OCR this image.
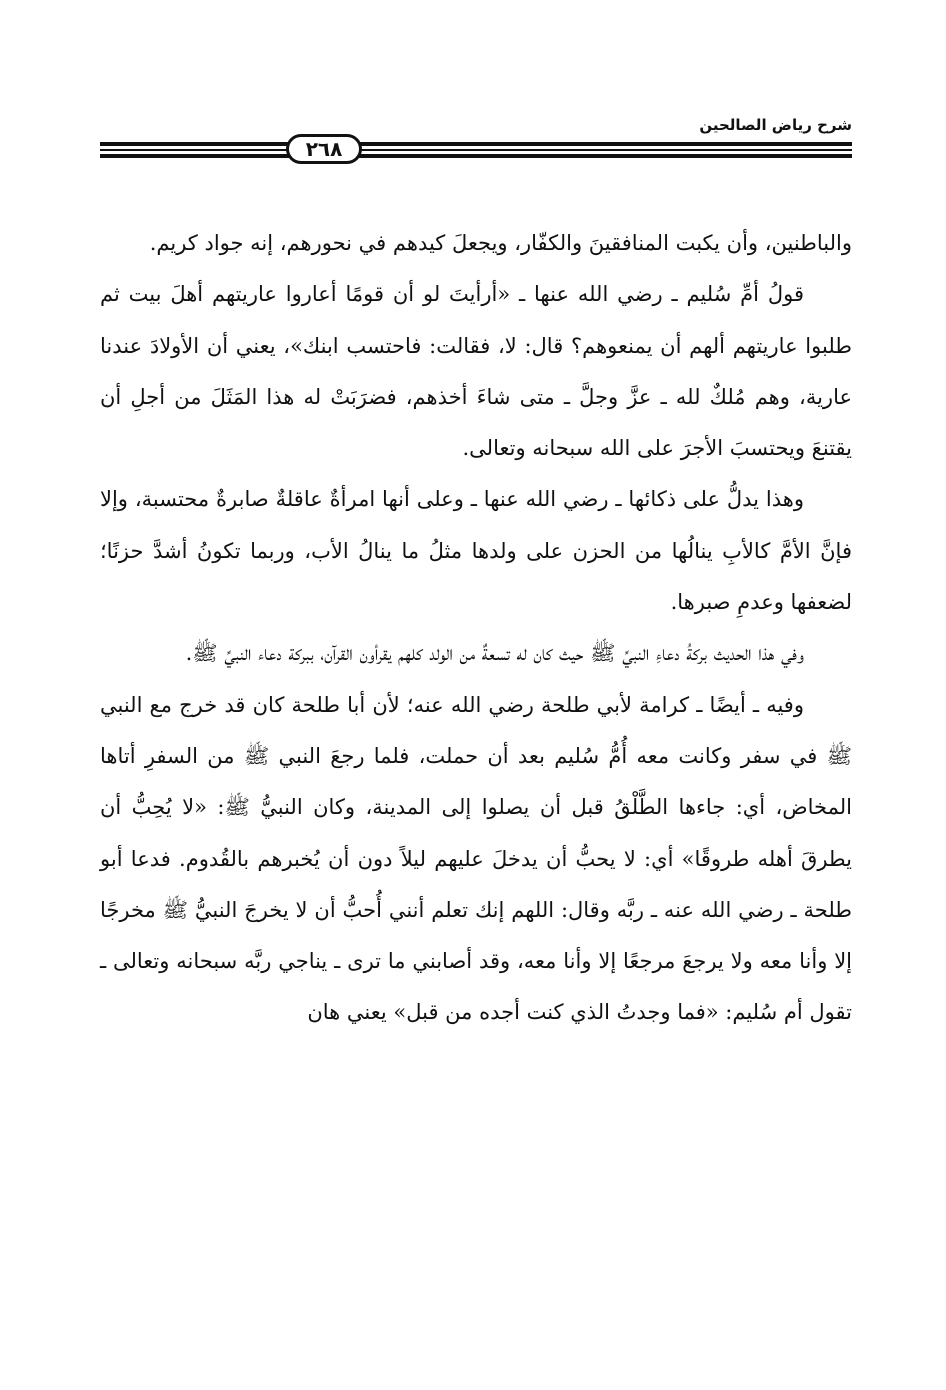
شرح رياض الصالحين
٢٦٨

والباطنين، وأن يكبت المنافقينَ والكفّار، ويجعلَ كيدهم في نحورهم، إنه جواد كريم.

قولُ أمِّ سُليم ـ رضي الله عنها ـ «أرأيتَ لو أن قومًا أعاروا عاريتهم أهلَ بيت ثم طلبوا عاريتهم ألهم أن يمنعوهم؟ قال: لا، فقالت: فاحتسب ابنك»، يعني أن الأولادَ عندنا عارية، وهم مُلكٌ لله ـ عزَّ وجلَّ ـ متى شاءَ أخذهم، فضرَبَتْ له هذا المَثَلَ من أجلِ أن يقتنعَ ويحتسبَ الأجرَ على الله سبحانه وتعالى.

وهذا يدلُّ على ذكائها ـ رضي الله عنها ـ وعلى أنها امرأةٌ عاقلةٌ صابرةٌ محتسبة، وإلا فإنَّ الأمَّ كالأبِ ينالُها من الحزن على ولدها مثلُ ما ينالُ الأب، وربما تكونُ أشدَّ حزنًا؛ لضعفها وعدمِ صبرها.

وفي هذا الحديث بركةُ دعاءِ النبيِّ ﷺ حيث كان له تسعةٌ من الولد كلهم يقرأون القرآن، ببركة دعاء النبيِّ ﷺ.

وفيه ـ أيضًا ـ كرامة لأبي طلحة رضي الله عنه؛ لأن أبا طلحة كان قد خرج مع النبي ﷺ في سفر وكانت معه أُمُّ سُليم بعد أن حملت، فلما رجعَ النبي ﷺ من السفرِ أتاها المخاض، أي: جاءها الطَّلْقُ قبل أن يصلوا إلى المدينة، وكان النبيُّ ﷺ: «لا يُحِبُّ أن يطرقَ أهله طروقًا» أي: لا يحبُّ أن يدخلَ عليهم ليلاً دون أن يُخبرهم بالقُدوم. فدعا أبو طلحة ـ رضي الله عنه ـ ربَّه وقال: اللهم إنك تعلم أنني أُحبُّ أن لا يخرجَ النبيُّ ﷺ مخرجًا إلا وأنا معه ولا يرجعَ مرجعًا إلا وأنا معه، وقد أصابني ما ترى ـ يناجي ربَّه سبحانه وتعالى ـ تقول أم سُليم: «فما وجدتُ الذي كنت أجده من قبل» يعني هان
